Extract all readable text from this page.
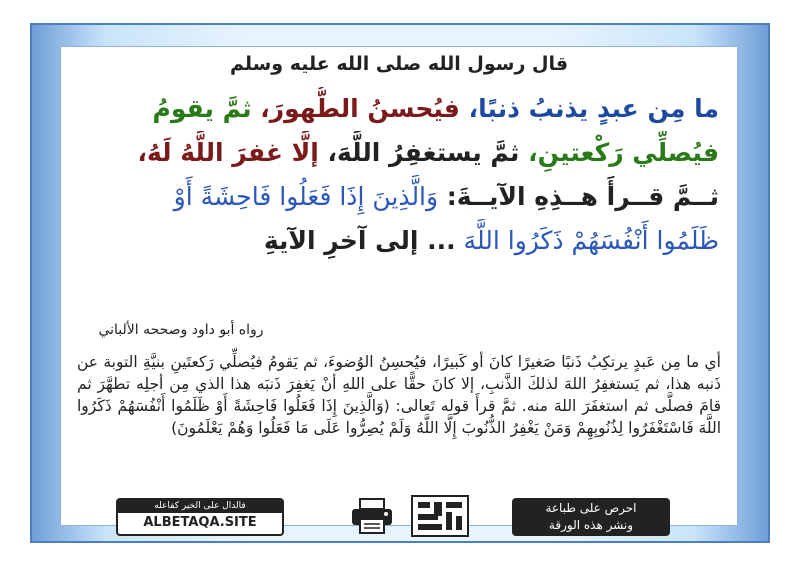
قال رسول الله صلى الله عليه وسلم
ما مِن عبدٍ يذنبُ ذنبًا، فيُحسنُ الطُّهورَ، ثمَّ يقومُ
فيُصلِّي رَكْعتينِ، ثمَّ يستغفِرُ اللَّهَ، إلَّا غفرَ اللَّهُ لَهُ،
ثــمَّ قــرأَ هــذِهِ الآيــةَ: وَالَّذِينَ إِذَا فَعَلُوا فَاحِشَةً أَوْ
ظَلَمُوا أَنْفُسَهُمْ ذَكَرُوا اللَّهَ ... إلى آخرِ الآيةِ
رواه أبو داود وصححه الألباني
أي ما مِن عَبدٍ يرتكِبُ ذَنبًا صَغيرًا كانَ أو كَبيرًا، فيُحسِنُ الوُضوءَ، ثم يَقومُ فيُصلِّي رَكعتَينِ بنيَّةِ التوبة عن ذَنبه هذا، ثم يَستغفِرُ اللهَ لذلكَ الذَّنبِ، إلا كانَ حقًّا على اللهِ أنْ يَغفِرَ ذَنبَه هذا الذي مِن أجلِه تطهَّرَ ثم قامَ فصلَّى ثم استغفَرَ اللهَ منه. ثمَّ قرأَ قوله تَعالى: (وَالَّذِينَ إِذَا فَعَلُوا فَاحِشَةً أَوْ ظَلَمُوا أَنْفُسَهُمْ ذَكَرُوا اللَّهَ فَاسْتَغْفَرُوا لِذُنُوبِهِمْ وَمَنْ يَغْفِرُ الذُّنُوبَ إِلَّا اللَّهُ وَلَمْ يُصِرُّوا عَلَى مَا فَعَلُوا وَهُمْ يَعْلَمُونَ)
فالدال على الخير كفاعله
ALBETAQA.SITE
احرص على طباعة
ونشر هذه الورقة
